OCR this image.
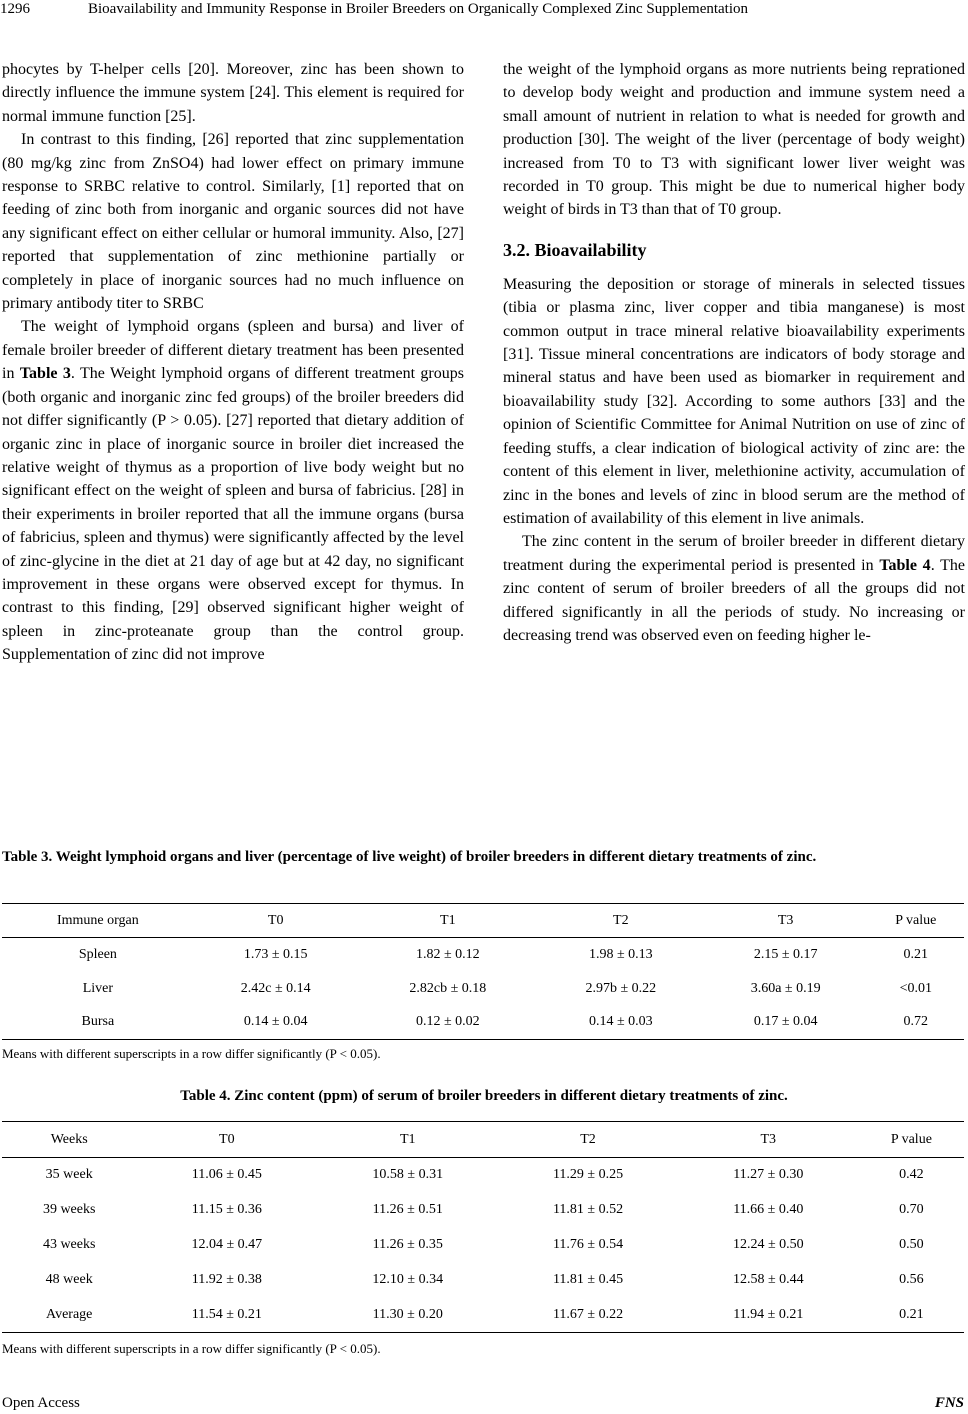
1296	Bioavailability and Immunity Response in Broiler Breeders on Organically Complexed Zinc Supplementation

phocytes by T-helper cells [20]. Moreover, zinc has been shown to directly influence the immune system [24]. This element is required for normal immune function [25].

In contrast to this finding, [26] reported that zinc supplementation (80 mg/kg zinc from ZnSO4) had lower effect on primary immune response to SRBC relative to control. Similarly, [1] reported that on feeding of zinc both from inorganic and organic sources did not have any significant effect on either cellular or humoral immunity. Also, [27] reported that supplementation of zinc methionine partially or completely in place of inorganic sources had no much influence on primary antibody titer to SRBC

The weight of lymphoid organs (spleen and bursa) and liver of female broiler breeder of different dietary treatment has been presented in Table 3. The Weight lymphoid organs of different treatment groups (both organic and inorganic zinc fed groups) of the broiler breeders did not differ significantly (P > 0.05). [27] reported that dietary addition of organic zinc in place of inorganic source in broiler diet increased the relative weight of thymus as a proportion of live body weight but no significant effect on the weight of spleen and bursa of fabricius. [28] in their experiments in broiler reported that all the immune organs (bursa of fabricius, spleen and thymus) were significantly affected by the level of zinc-glycine in the diet at 21 day of age but at 42 day, no significant improvement in these organs were observed except for thymus. In contrast to this finding, [29] observed significant higher weight of spleen in zinc-proteanate group than the control group. Supplementation of zinc did not improve

the weight of the lymphoid organs as more nutrients being reprationed to develop body weight and production and immune system need a small amount of nutrient in relation to what is needed for growth and production [30]. The weight of the liver (percentage of body weight) increased from T0 to T3 with significant lower liver weight was recorded in T0 group. This might be due to numerical higher body weight of birds in T3 than that of T0 group.

3.2. Bioavailability

Measuring the deposition or storage of minerals in selected tissues (tibia or plasma zinc, liver copper and tibia manganese) is most common output in trace mineral relative bioavailability experiments [31]. Tissue mineral concentrations are indicators of body storage and mineral status and have been used as biomarker in requirement and bioavailability study [32]. According to some authors [33] and the opinion of Scientific Committee for Animal Nutrition on use of zinc of feeding stuffs, a clear indication of biological activity of zinc are: the content of this element in liver, melethionine activity, accumulation of zinc in the bones and levels of zinc in blood serum are the method of estimation of availability of this element in live animals.

The zinc content in the serum of broiler breeder in different dietary treatment during the experimental period is presented in Table 4. The zinc content of serum of broiler breeders of all the groups did not differed significantly in all the periods of study. No increasing or decreasing trend was observed even on feeding higher le-

Table 3. Weight lymphoid organs and liver (percentage of live weight) of broiler breeders in different dietary treatments of zinc.
Immune organ	T0	T1	T2	T3	P value
Spleen	1.73 ± 0.15	1.82 ± 0.12	1.98 ± 0.13	2.15 ± 0.17	0.21
Liver	2.42c ± 0.14	2.82cb ± 0.18	2.97b ± 0.22	3.60a ± 0.19	<0.01
Bursa	0.14 ± 0.04	0.12 ± 0.02	0.14 ± 0.03	0.17 ± 0.04	0.72
Means with different superscripts in a row differ significantly (P < 0.05).
Table 4. Zinc content (ppm) of serum of broiler breeders in different dietary treatments of zinc.
Weeks	T0	T1	T2	T3	P value
35 week	11.06 ± 0.45	10.58 ± 0.31	11.29 ± 0.25	11.27 ± 0.30	0.42
39 weeks	11.15 ± 0.36	11.26 ± 0.51	11.81 ± 0.52	11.66 ± 0.40	0.70
43 weeks	12.04 ± 0.47	11.26 ± 0.35	11.76 ± 0.54	12.24 ± 0.50	0.50
48 week	11.92 ± 0.38	12.10 ± 0.34	11.81 ± 0.45	12.58 ± 0.44	0.56
Average	11.54 ± 0.21	11.30 ± 0.20	11.67 ± 0.22	11.94 ± 0.21	0.21
Means with different superscripts in a row differ significantly (P < 0.05).
Open Access	FNS
